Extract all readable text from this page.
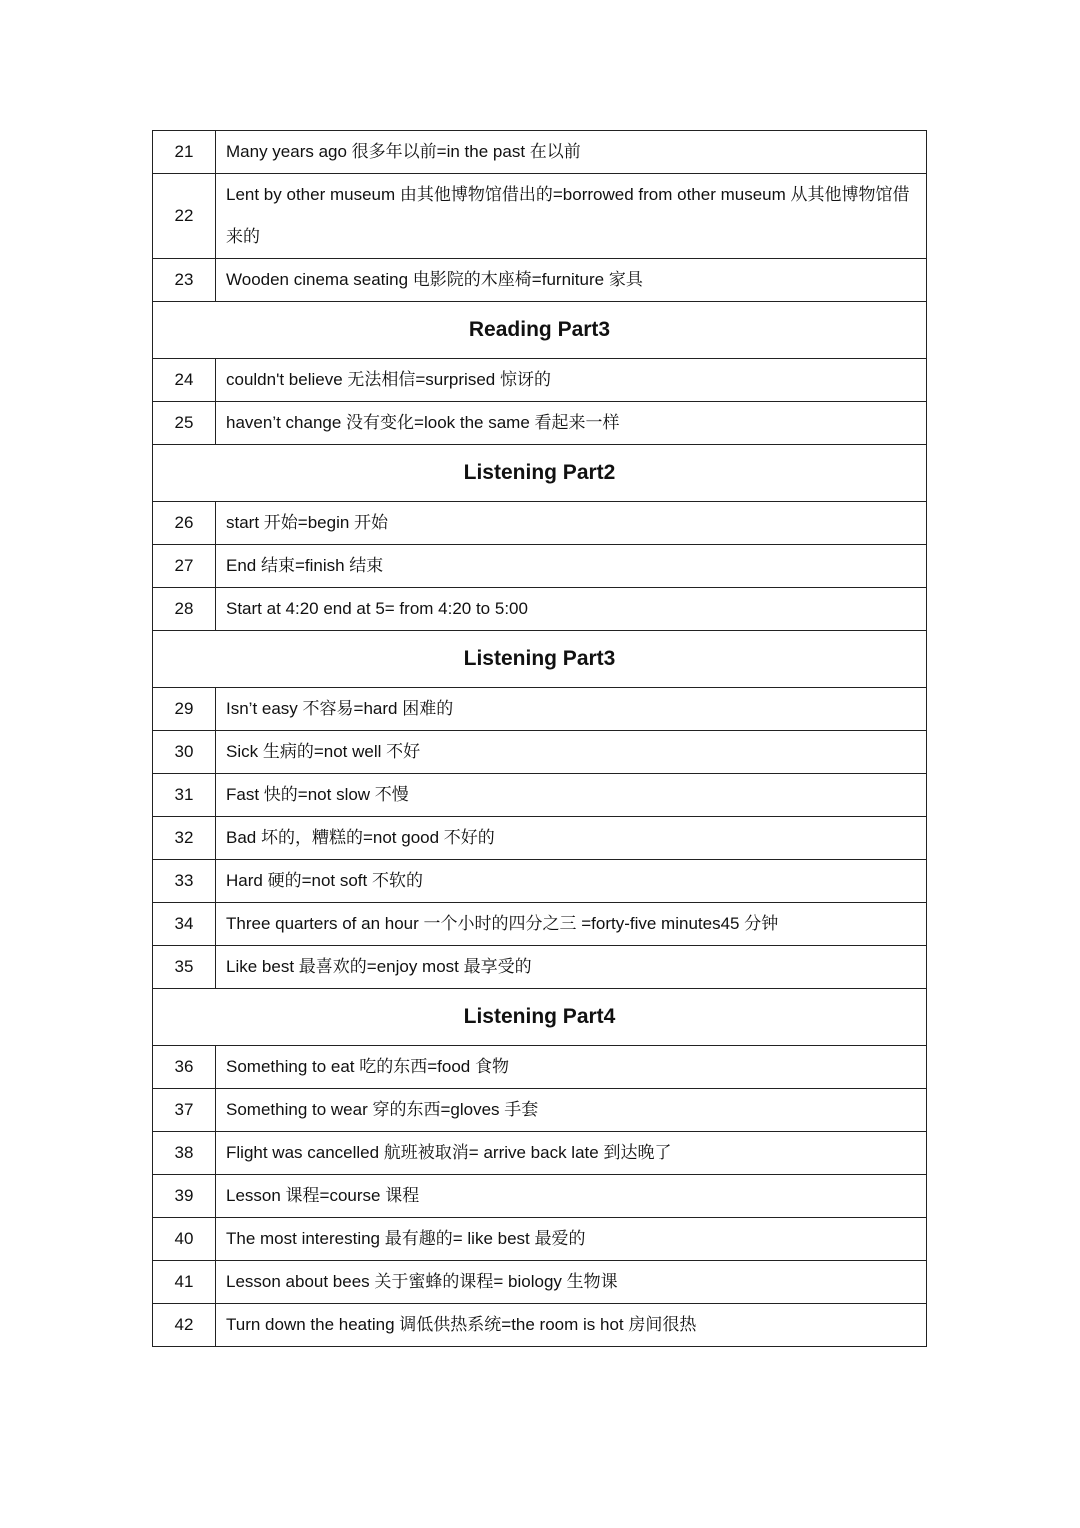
21	Many years ago 很多年以前=in the past 在以前
22	Lent by other museum 由其他博物馆借出的=borrowed from other museum 从其他博物馆借来的
23	Wooden cinema seating 电影院的木座椅=furniture 家具
Reading Part3	
24	couldn't believe 无法相信=surprised 惊讶的
25	haven’t change 没有变化=look the same 看起来一样
Listening Part2	
26	start 开始=begin 开始
27	End 结束=finish 结束
28	Start at 4:20 end at 5= from 4:20 to 5:00
Listening Part3	
29	Isn’t easy 不容易=hard 困难的
30	Sick 生病的=not well 不好
31	Fast 快的=not slow 不慢
32	Bad 坏的，糟糕的=not good 不好的
33	Hard 硬的=not soft 不软的
34	Three quarters of an hour 一个小时的四分之三 =forty-five minutes45 分钟
35	Like best 最喜欢的=enjoy most 最享受的
Listening Part4	
36	Something to eat 吃的东西=food 食物
37	Something to wear 穿的东西=gloves 手套
38	Flight was cancelled 航班被取消= arrive back late 到达晚了
39	Lesson 课程=course 课程
40	The most interesting 最有趣的= like best 最爱的
41	Lesson about bees 关于蜜蜂的课程= biology 生物课
42	Turn down the heating 调低供热系统=the room is hot 房间很热
